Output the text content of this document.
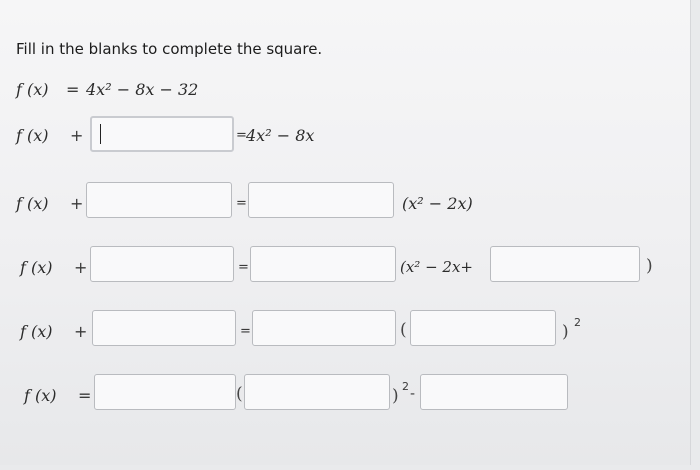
Fill in the blanks to complete the square.
f (x) = 4x² − 8x − 32
f (x) +	= 4x² − 8x
f (x) +	=	(x² − 2x)
f (x) +	=	(x² − 2x+	)
f (x) +	=	(	) 2
f (x) =	(	) 2 -
